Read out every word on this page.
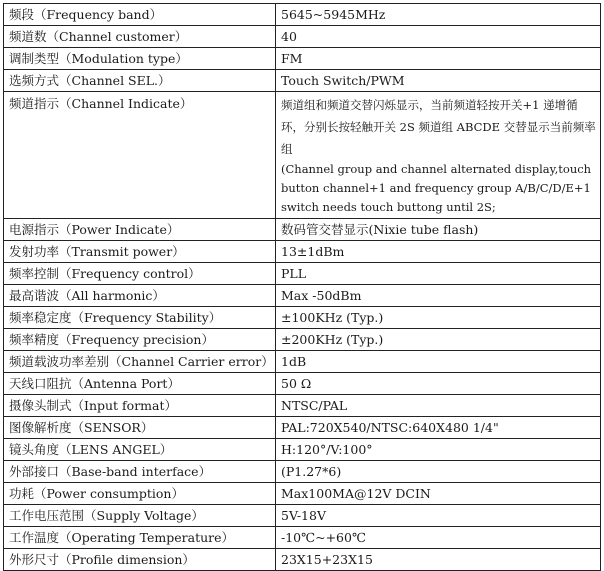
频段（Frequency band）	5645~5945MHz
频道数（Channel customer）	40
调制类型（Modulation type）	FM
选频方式（Channel SEL.）	Touch Switch/PWM
频道指示（Channel Indicate）	频道组和频道交替闪烁显示，当前频道轻按开关+1 递增循环，分别长按轻触开关 2S 频道组 ABCDE 交替显示当前频率组
(Channel group and channel alternated display,touch button channel+1 and frequency group A/B/C/D/E+1 switch needs touch buttong until 2S;

电源指示（Power Indicate）	数码管交替显示(Nixie tube flash)
发射功率（Transmit power）	13±1dBm
频率控制（Frequency control）	PLL
最高谐波（All harmonic）	Max -50dBm
频率稳定度（Frequency Stability）	±100KHz (Typ.)
频率精度（Frequency precision）	±200KHz (Typ.)
频道载波功率差别（Channel Carrier error）	1dB
天线口阻抗（Antenna Port）	50 Ω
摄像头制式（Input format）	NTSC/PAL
图像解析度（SENSOR）	PAL:720X540/NTSC:640X480 1/4"
镜头角度（LENS ANGEL）	H:120°/V:100°
外部接口（Base-band interface）	(P1.27*6)
功耗（Power consumption）	Max100MA@12V DCIN
工作电压范围（Supply Voltage）	5V-18V
工作温度（Operating Temperature）	-10℃~+60℃
外形尺寸（Profile dimension）	23X15+23X15
